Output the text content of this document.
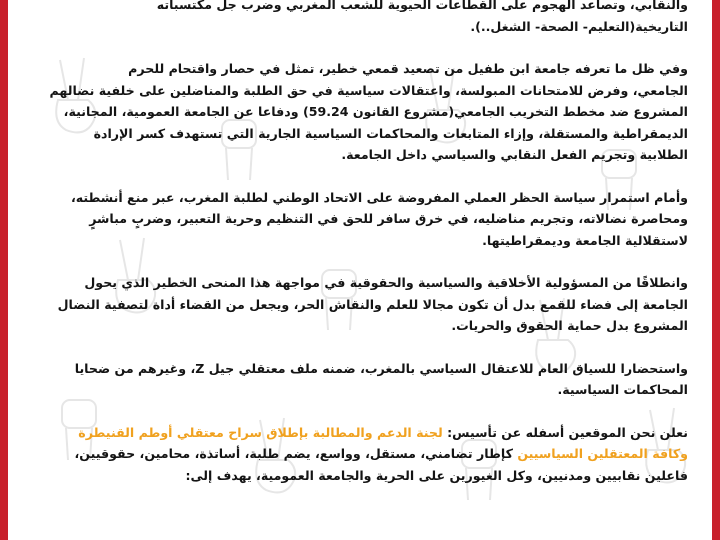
والنقابي، وتصاعد الهجوم على القطاعات الحيوية للشعب المغربي وضرب جل مكتسباته
التاريخية(التعليم- الصحة- الشغل..).

وفي ظل ما تعرفه جامعة ابن طفيل من تصعيد قمعي خطير، تمثل في حصار واقتحام للحرم
الجامعي، وفرض للامتحانات المبولسة، واعتقالات سياسية في حق الطلبة والمناضلين على خلفية نضالهم
المشروع ضد مخطط التخريب الجامعي(مشروع القانون 59.24) ودفاعا عن الجامعة العمومية، المجانية،
الديمقراطية والمستقلة، وإزاء المتابعات والمحاكمات السياسية الجارية التي تستهدف كسر الإرادة
الطلابية وتجريم الفعل النقابي والسياسي داخل الجامعة.

وأمام استمرار سياسة الحظر العملي المفروضة على الاتحاد الوطني لطلبة المغرب، عبر منع أنشطته،
ومحاصرة نضالاته، وتجريم مناضليه، في خرق سافر للحق في التنظيم وحرية التعبير، وضربٍ مباشرٍ
لاستقلالية الجامعة وديمقراطيتها.

وانطلاقًا من المسؤولية الأخلاقية والسياسية والحقوقية في مواجهة هذا المنحى الخطير الذي يحول
الجامعة إلى فضاء للقمع بدل أن تكون مجالا للعلم والنقاش الحر، ويجعل من القضاء أداة لتصفية النضال
المشروع بدل حماية الحقوق والحريات.

واستحضارا للسياق العام للاعتقال السياسي بالمغرب، ضمنه ملف معتقلي جيل Z، وغيرهم من ضحايا
المحاكمات السياسية.

نعلن نحن الموقعين أسفله عن تأسيس: لجنة الدعم والمطالبة بإطلاق سراح معتقلي أوطم القنيطرة
وكافة المعتقلين السياسيين كإطار تضامني، مستقل، وواسع، يضم طلبة، أساتذة، محامين، حقوقيين،
فاعلين نقابيين ومدنيين، وكل الغيورين على الحرية والجامعة العمومية، يهدف إلى:
